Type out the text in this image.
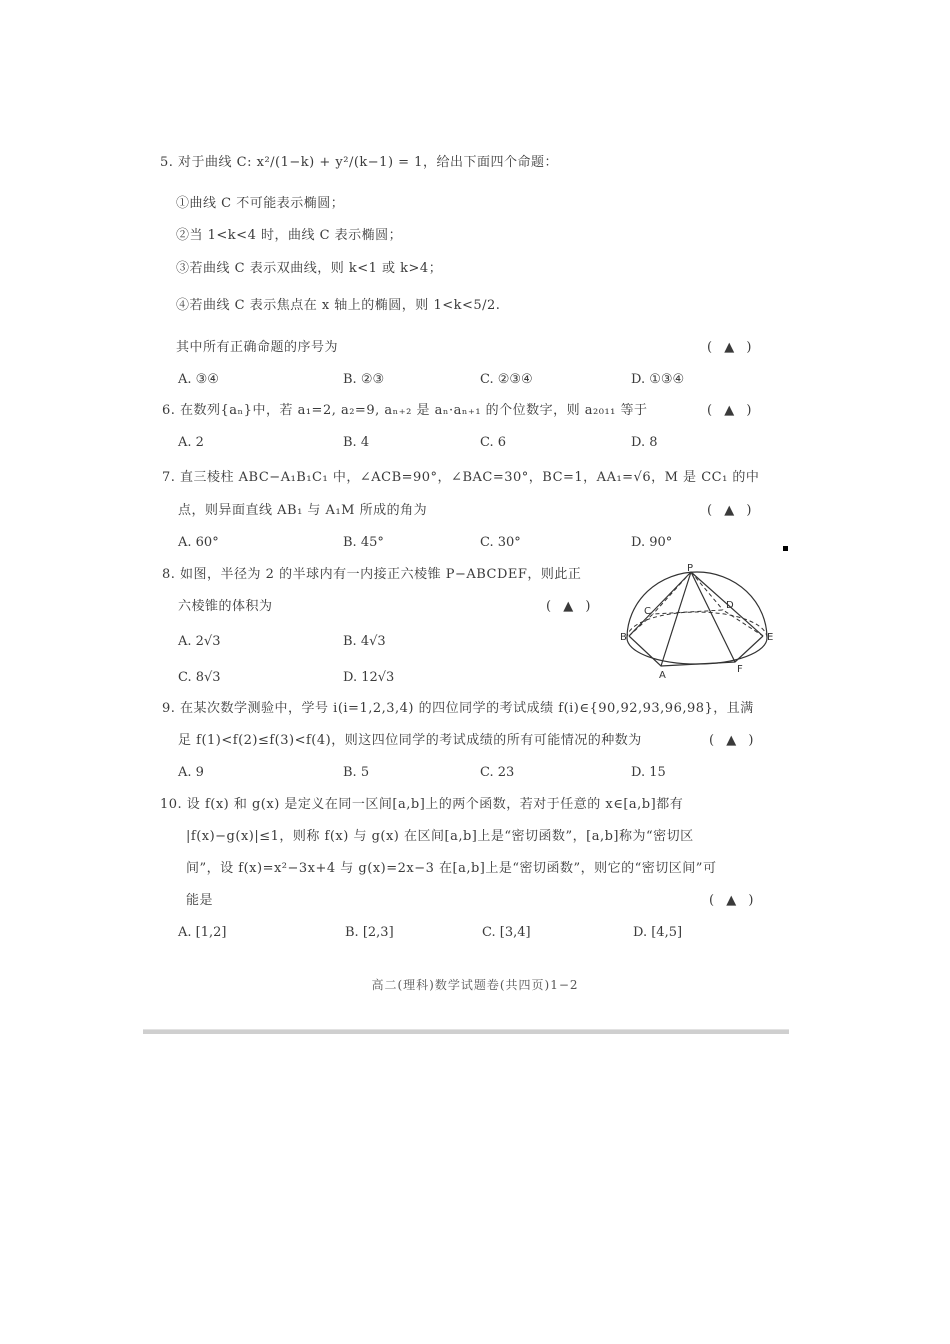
5. 对于曲线 C: x²/(1−k) + y²/(k−1) = 1，给出下面四个命题：
①曲线 C 不可能表示椭圆；
②当 1<k<4 时，曲线 C 表示椭圆；
③若曲线 C 表示双曲线，则 k<1 或 k>4；
④若曲线 C 表示焦点在 x 轴上的椭圆，则 1<k<5/2.
其中所有正确命题的序号为	( ▲ )
A. ③④	B. ②③	C. ②③④	D. ①③④
6. 在数列{aₙ}中，若 a₁=2, a₂=9, aₙ₊₂ 是 aₙ·aₙ₊₁ 的个位数字，则 a₂₀₁₁ 等于	( ▲ )
A. 2	B. 4	C. 6	D. 8
7. 直三棱柱 ABC−A₁B₁C₁ 中，∠ACB=90°，∠BAC=30°，BC=1，AA₁=√6，M 是 CC₁ 的中
点，则异面直线 AB₁ 与 A₁M 所成的角为	( ▲ )
A. 60°	B. 45°	C. 30°	D. 90°
8. 如图，半径为 2 的半球内有一内接正六棱锥 P−ABCDEF，则此正
六棱锥的体积为	( ▲ )
A. 2√3	B. 4√3
C. 8√3	D. 12√3
P
C
D
B	E
A
F
9. 在某次数学测验中，学号 i(i=1,2,3,4) 的四位同学的考试成绩 f(i)∈{90,92,93,96,98}，且满
足 f(1)<f(2)≤f(3)<f(4)，则这四位同学的考试成绩的所有可能情况的种数为	( ▲ )
A. 9	B. 5	C. 23	D. 15
10. 设 f(x) 和 g(x) 是定义在同一区间[a,b]上的两个函数，若对于任意的 x∈[a,b]都有
|f(x)−g(x)|≤1，则称 f(x) 与 g(x) 在区间[a,b]上是“密切函数”，[a,b]称为“密切区
间”，设 f(x)=x²−3x+4 与 g(x)=2x−3 在[a,b]上是“密切函数”，则它的“密切区间”可
能是	( ▲ )
A. [1,2]	B. [2,3]	C. [3,4]	D. [4,5]
高二(理科)数学试题卷(共四页)1−2
